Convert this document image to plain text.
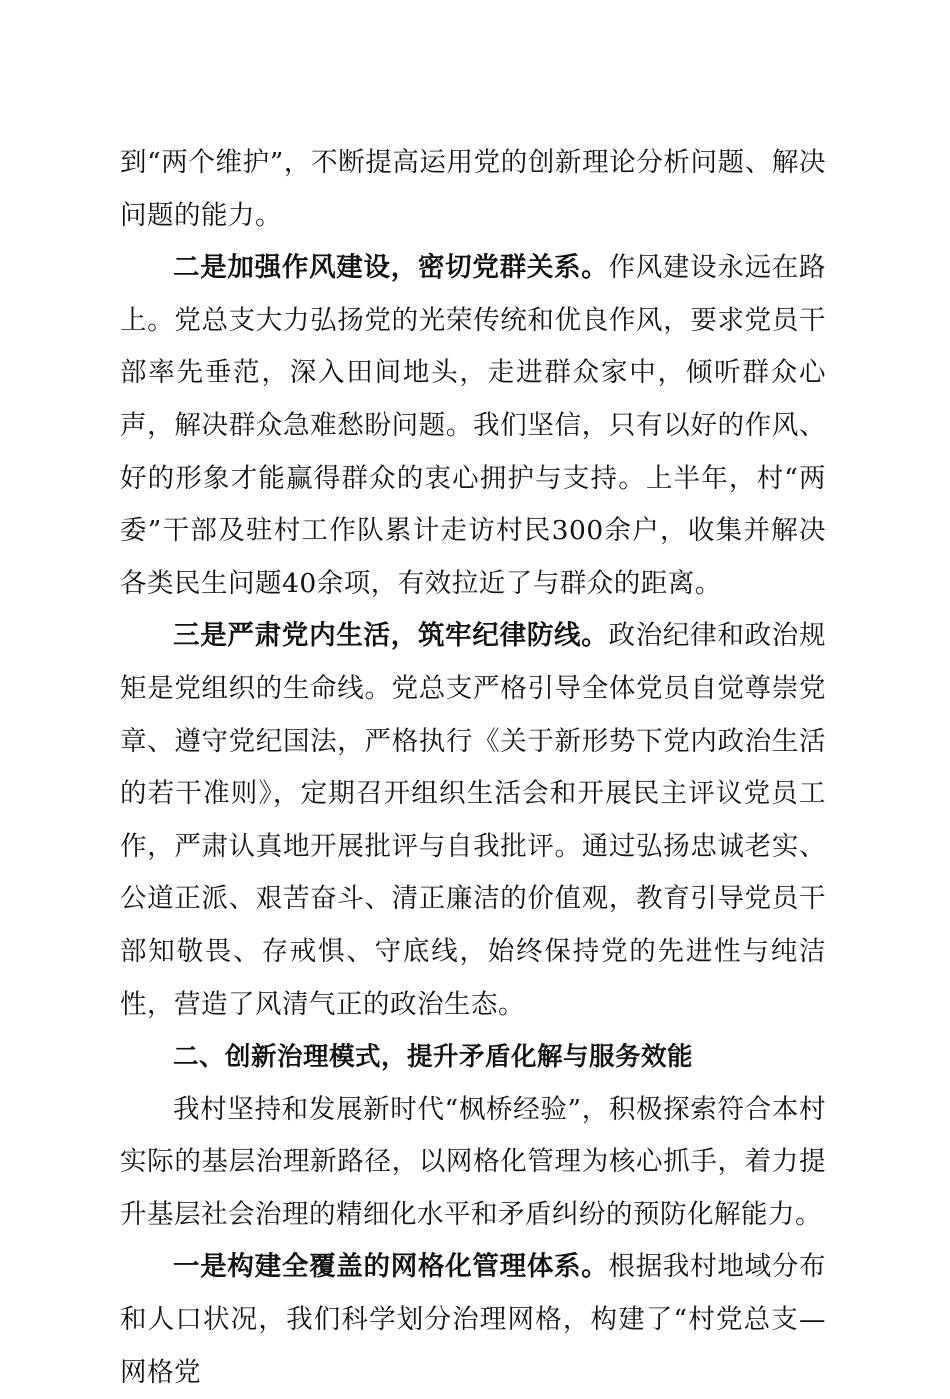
到“两个维护”，不断提高运用党的创新理论分析问题、解决问题的能力。

二是加强作风建设，密切党群关系。作风建设永远在路上。党总支大力弘扬党的光荣传统和优良作风，要求党员干部率先垂范，深入田间地头，走进群众家中，倾听群众心声，解决群众急难愁盼问题。我们坚信，只有以好的作风、好的形象才能赢得群众的衷心拥护与支持。上半年，村“两委”干部及驻村工作队累计走访村民300余户，收集并解决各类民生问题40余项，有效拉近了与群众的距离。

三是严肃党内生活，筑牢纪律防线。政治纪律和政治规矩是党组织的生命线。党总支严格引导全体党员自觉尊崇党章、遵守党纪国法，严格执行《关于新形势下党内政治生活的若干准则》，定期召开组织生活会和开展民主评议党员工作，严肃认真地开展批评与自我批评。通过弘扬忠诚老实、公道正派、艰苦奋斗、清正廉洁的价值观，教育引导党员干部知敬畏、存戒惧、守底线，始终保持党的先进性与纯洁性，营造了风清气正的政治生态。

二、创新治理模式，提升矛盾化解与服务效能

我村坚持和发展新时代“枫桥经验”，积极探索符合本村实际的基层治理新路径，以网格化管理为核心抓手，着力提升基层社会治理的精细化水平和矛盾纠纷的预防化解能力。

一是构建全覆盖的网格化管理体系。根据我村地域分布和人口状况，我们科学划分治理网格，构建了“村党总支—网格党
